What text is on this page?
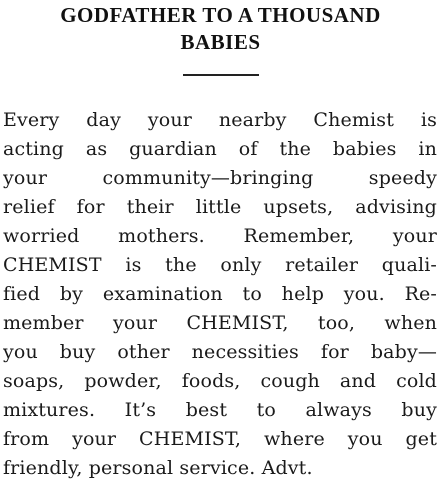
GODFATHER TO A THOUSAND
BABIES
Every day your nearby Chemist is
acting as guardian of the babies in
your community—bringing speedy
relief for their little upsets, advising
worried mothers. Remember, your
CHEMIST is the only retailer quali-
fied by examination to help you. Re-
member your CHEMIST, too, when
you buy other necessities for baby—
soaps, powder, foods, cough and cold
mixtures. It’s best to always buy
from your CHEMIST, where you get
friendly, personal service. Advt.
